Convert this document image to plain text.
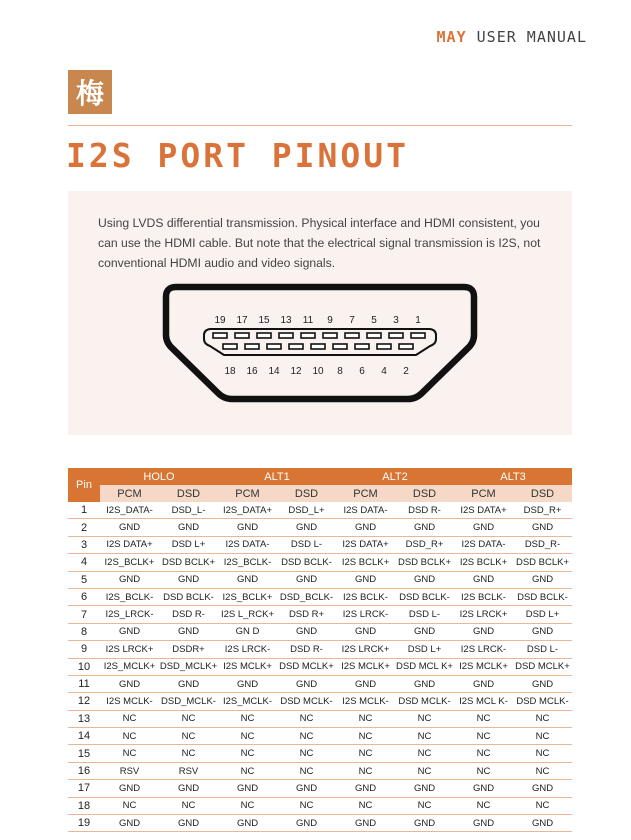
MAY USER MANUAL
梅
I2S PORT PINOUT

Using LVDS differential transmission. Physical interface and HDMI consistent, you can use the HDMI cable. But note that the electrical signal transmission is I2S, not conventional HDMI audio and video signals.

19 17 15 13 11 9 7 5 3 1
18 16 14 12 10 8 6 4 2
Pin	HOLO		ALT1		ALT2		ALT3	
	PCM	DSD	PCM	DSD	PCM	DSD	PCM	DSD
1	I2S_DATA-	DSD_L-	I2S_DATA+	DSD_L+	I2S DATA-	DSD R-	I2S DATA+	DSD_R+
2	GND	GND	GND	GND	GND	GND	GND	GND
3	I2S DATA+	DSD L+	I2S DATA-	DSD L-	I2S DATA+	DSD_R+	I2S DATA-	DSD_R-
4	I2S_BCLK+	DSD BCLK+	I2S_BCLK-	DSD BCLK-	I2S BCLK+	DSD BCLK+	I2S BCLK+	DSD BCLK+
5	GND	GND	GND	GND	GND	GND	GND	GND
6	I2S_BCLK-	DSD BCLK-	I2S_BCLK+	DSD_BCLK-	I2S BCLK-	DSD BCLK-	I2S BCLK-	DSD BCLK-
7	I2S_LRCK-	DSD R-	I2S L_RCK+	DSD R+	I2S LRCK-	DSD L-	I2S LRCK+	DSD L+
8	GND	GND	GN D	GND	GND	GND	GND	GND
9	I2S LRCK+	DSDR+	I2S LRCK-	DSD R-	I2S LRCK+	DSD L+	I2S LRCK-	DSD L-
10	I2S_MCLK+	DSD_MCLK+	I2S MCLK+	DSD MCLK+	I2S MCLK+	DSD MCL K+	I2S MCLK+	DSD MCLK+
11	GND	GND	GND	GND	GND	GND	GND	GND
12	I2S MCLK-	DSD_MCLK-	I2S_MCLK-	DSD MCLK-	I2S MCLK-	DSD MCLK-	I2S MCL K-	DSD MCLK-
13	NC	NC	NC	NC	NC	NC	NC	NC
14	NC	NC	NC	NC	NC	NC	NC	NC
15	NC	NC	NC	NC	NC	NC	NC	NC
16	RSV	RSV	NC	NC	NC	NC	NC	NC
17	GND	GND	GND	GND	GND	GND	GND	GND
18	NC	NC	NC	NC	NC	NC	NC	NC
19	GND	GND	GND	GND	GND	GND	GND	GND
